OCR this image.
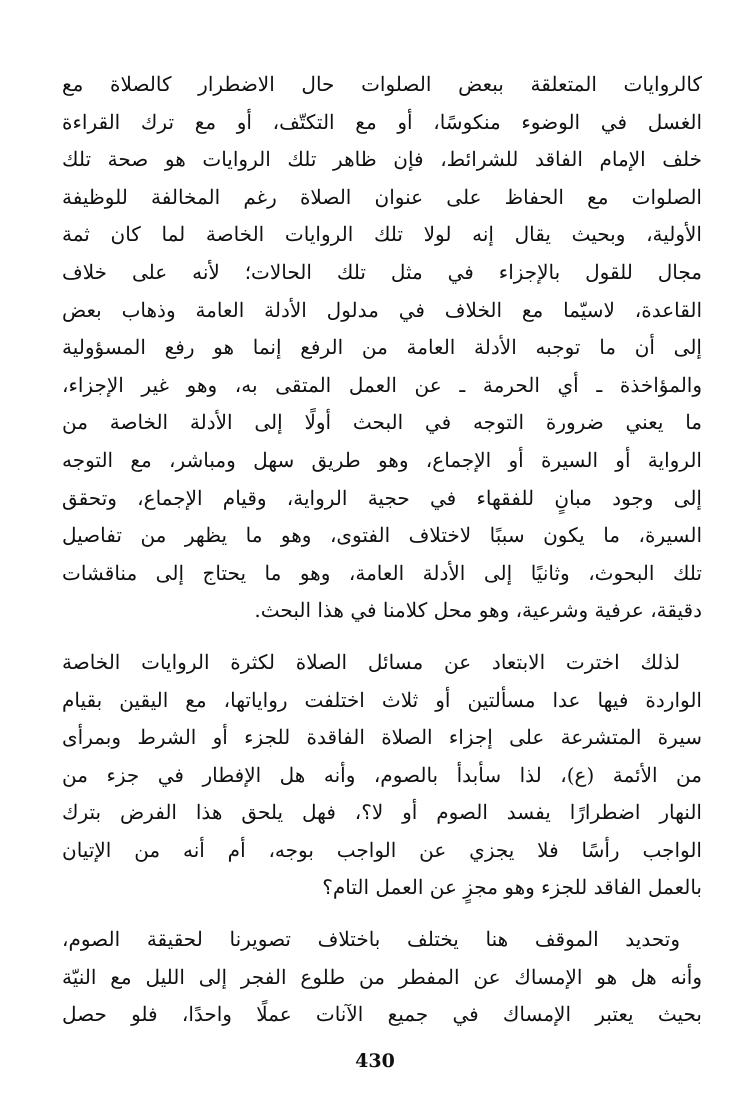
كالروايات المتعلقة ببعض الصلوات حال الاضطرار كالصلاة مع
الغسل في الوضوء منكوسًا، أو مع التكتّف، أو مع ترك القراءة
خلف الإمام الفاقد للشرائط، فإن ظاهر تلك الروايات هو صحة تلك
الصلوات مع الحفاظ على عنوان الصلاة رغم المخالفة للوظيفة
الأولية، وبحيث يقال إنه لولا تلك الروايات الخاصة لما كان ثمة
مجال للقول بالإجزاء في مثل تلك الحالات؛ لأنه على خلاف
القاعدة، لاسيّما مع الخلاف في مدلول الأدلة العامة وذهاب بعض
إلى أن ما توجبه الأدلة العامة من الرفع إنما هو رفع المسؤولية
والمؤاخذة ـ أي الحرمة ـ عن العمل المتقى به، وهو غير الإجزاء،
ما يعني ضرورة التوجه في البحث أولًا إلى الأدلة الخاصة من
الرواية أو السيرة أو الإجماع، وهو طريق سهل ومباشر، مع التوجه
إلى وجود مبانٍ للفقهاء في حجية الرواية، وقيام الإجماع، وتحقق
السيرة، ما يكون سببًا لاختلاف الفتوى، وهو ما يظهر من تفاصيل
تلك البحوث، وثانيًا إلى الأدلة العامة، وهو ما يحتاج إلى مناقشات
دقيقة، عرفية وشرعية، وهو محل كلامنا في هذا البحث.
لذلك اخترت الابتعاد عن مسائل الصلاة لكثرة الروايات الخاصة
الواردة فيها عدا مسألتين أو ثلاث اختلفت رواياتها، مع اليقين بقيام
سيرة المتشرعة على إجزاء الصلاة الفاقدة للجزء أو الشرط وبمرأى
من الأئمة (ع)، لذا سأبدأ بالصوم، وأنه هل الإفطار في جزء من
النهار اضطرارًا يفسد الصوم أو لا؟، فهل يلحق هذا الفرض بترك
الواجب رأسًا فلا يجزي عن الواجب بوجه، أم أنه من الإتيان
بالعمل الفاقد للجزء وهو مجزٍ عن العمل التام؟
وتحديد الموقف هنا يختلف باختلاف تصويرنا لحقيقة الصوم،
وأنه هل هو الإمساك عن المفطر من طلوع الفجر إلى الليل مع النيّة
بحيث يعتبر الإمساك في جميع الآنات عملًا واحدًا، فلو حصل
430
